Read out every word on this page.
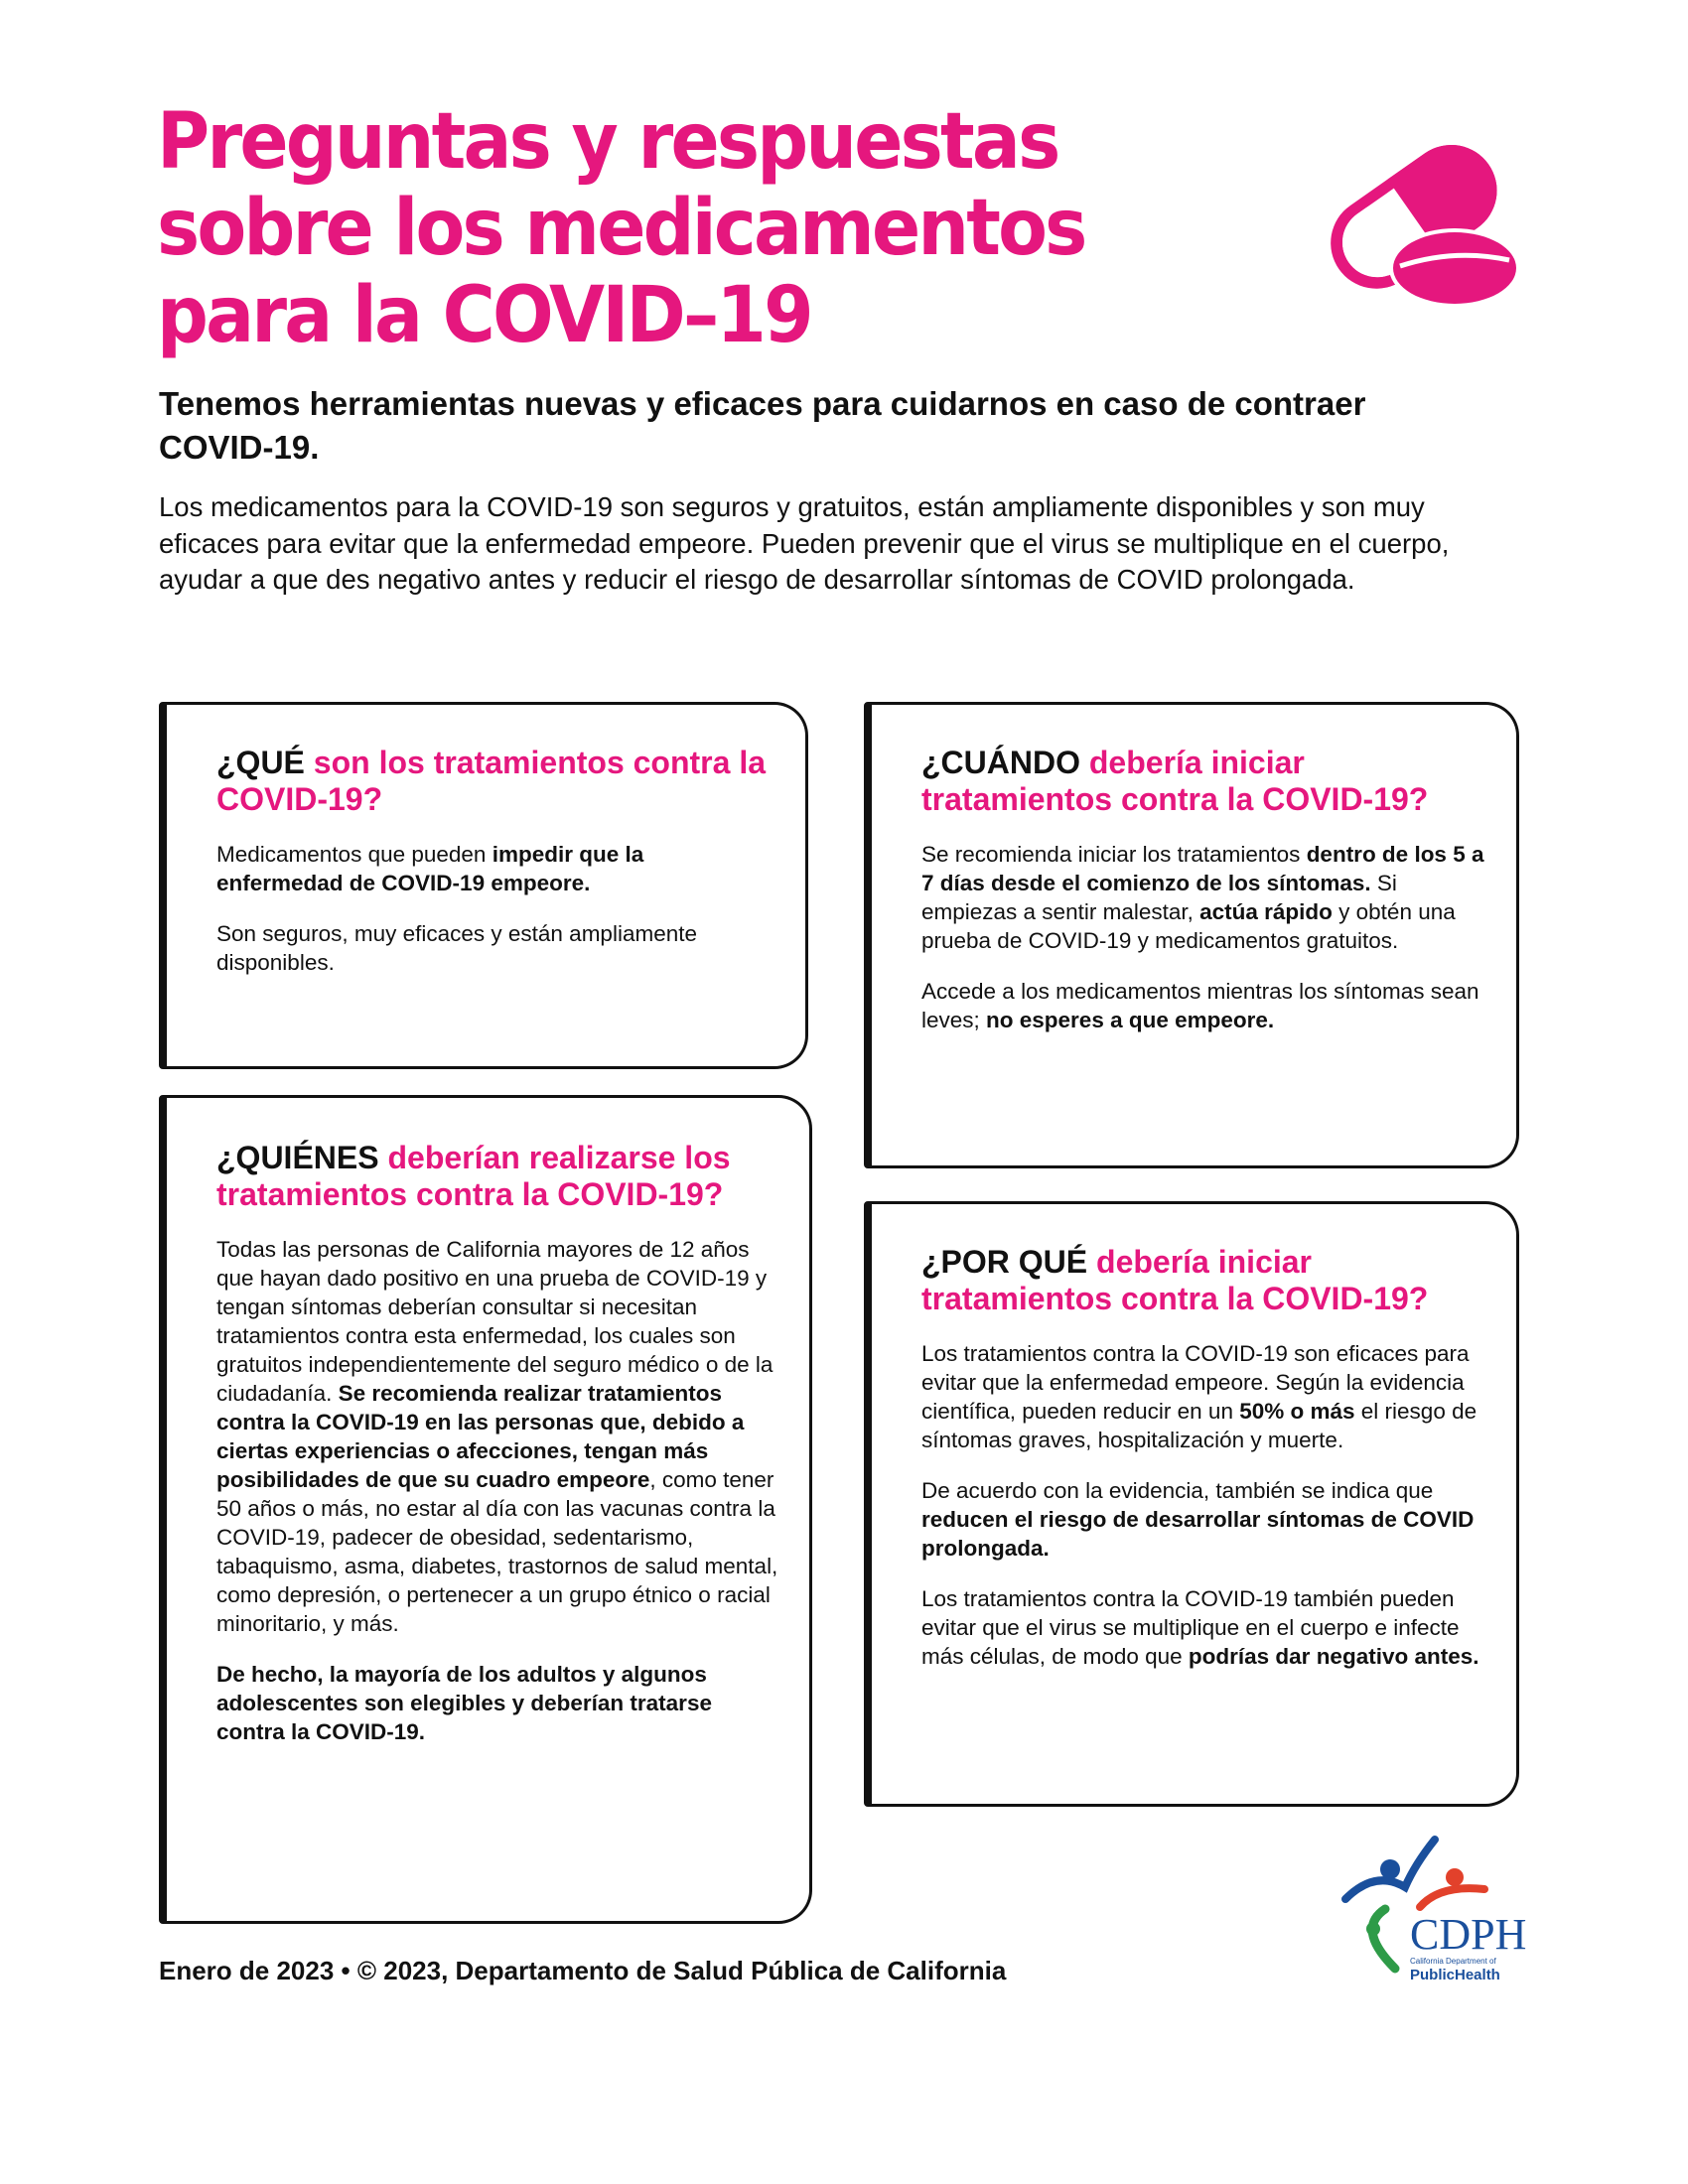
Preguntas y respuestas sobre los medicamentos para la COVID–19

Tenemos herramientas nuevas y eficaces para cuidarnos en caso de contraer COVID-19.

Los medicamentos para la COVID-19 son seguros y gratuitos, están ampliamente disponibles y son muy eficaces para evitar que la enfermedad empeore. Pueden prevenir que el virus se multiplique en el cuerpo, ayudar a que des negativo antes y reducir el riesgo de desarrollar síntomas de COVID prolongada.

¿QUÉ son los tratamientos contra la COVID-19?

Medicamentos que pueden impedir que la enfermedad de COVID-19 empeore.

Son seguros, muy eficaces y están ampliamente disponibles.

¿CUÁNDO debería iniciar tratamientos contra la COVID-19?

Se recomienda iniciar los tratamientos dentro de los 5 a 7 días desde el comienzo de los síntomas. Si empiezas a sentir malestar, actúa rápido y obtén una prueba de COVID-19 y medicamentos gratuitos.

Accede a los medicamentos mientras los síntomas sean leves; no esperes a que empeore.

¿QUIÉNES deberían realizarse los tratamientos contra la COVID-19?

Todas las personas de California mayores de 12 años que hayan dado positivo en una prueba de COVID-19 y tengan síntomas deberían consultar si necesitan tratamientos contra esta enfermedad, los cuales son gratuitos independientemente del seguro médico o de la ciudadanía. Se recomienda realizar tratamientos contra la COVID-19 en las personas que, debido a ciertas experiencias o afecciones, tengan más posibilidades de que su cuadro empeore, como tener 50 años o más, no estar al día con las vacunas contra la COVID-19, padecer de obesidad, sedentarismo, tabaquismo, asma, diabetes, trastornos de salud mental, como depresión, o pertenecer a un grupo étnico o racial minoritario, y más.

De hecho, la mayoría de los adultos y algunos adolescentes son elegibles y deberían tratarse contra la COVID-19.

¿POR QUÉ debería iniciar tratamientos contra la COVID-19?

Los tratamientos contra la COVID-19 son eficaces para evitar que la enfermedad empeore. Según la evidencia científica, pueden reducir en un 50% o más el riesgo de síntomas graves, hospitalización y muerte.

De acuerdo con la evidencia, también se indica que reducen el riesgo de desarrollar síntomas de COVID prolongada.

Los tratamientos contra la COVID-19 también pueden evitar que el virus se multiplique en el cuerpo e infecte más células, de modo que podrías dar negativo antes.

Enero de 2023 • © 2023, Departamento de Salud Pública de California

CDPH

California Department of

PublicHealth
